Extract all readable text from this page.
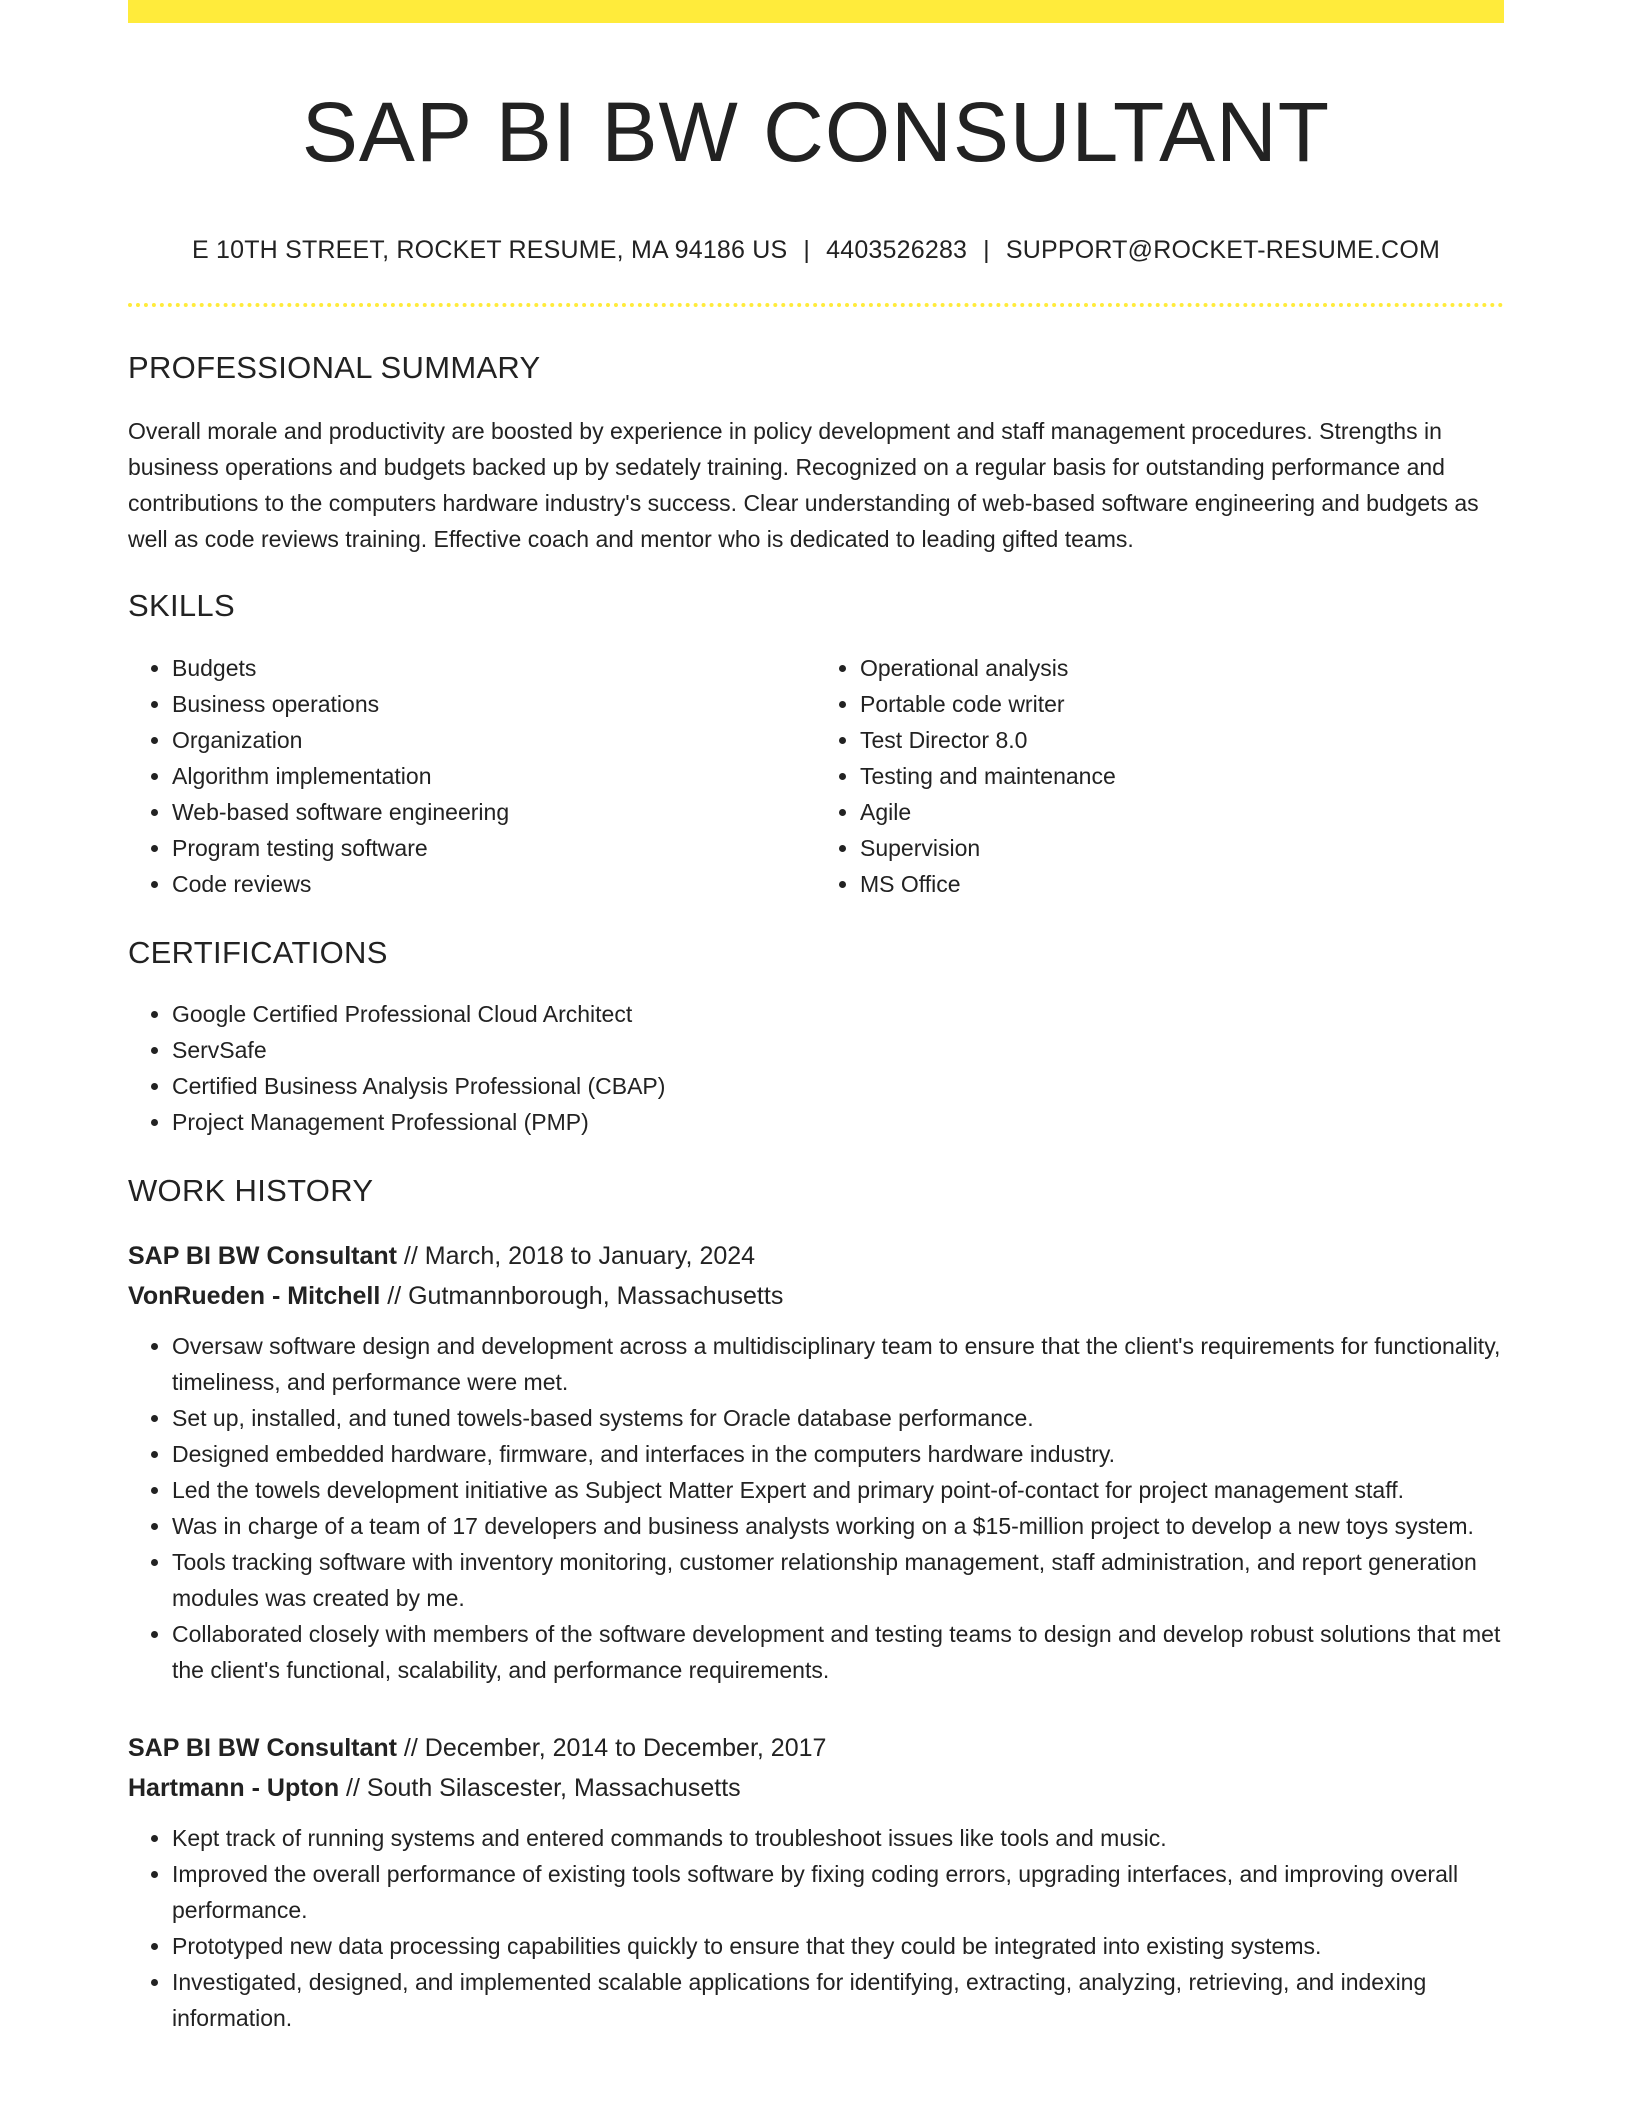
SAP BI BW CONSULTANT
E 10TH STREET, ROCKET RESUME, MA 94186 US | 4403526283 | SUPPORT@ROCKET-RESUME.COM
PROFESSIONAL SUMMARY
Overall morale and productivity are boosted by experience in policy development and staff management procedures. Strengths in business operations and budgets backed up by sedately training. Recognized on a regular basis for outstanding performance and contributions to the computers hardware industry's success. Clear understanding of web-based software engineering and budgets as well as code reviews training. Effective coach and mentor who is dedicated to leading gifted teams.
SKILLS
• Budgets
• Business operations
• Organization
• Algorithm implementation
• Web-based software engineering
• Program testing software
• Code reviews
• Operational analysis
• Portable code writer
• Test Director 8.0
• Testing and maintenance
• Agile
• Supervision
• MS Office
CERTIFICATIONS
• Google Certified Professional Cloud Architect
• ServSafe
• Certified Business Analysis Professional (CBAP)
• Project Management Professional (PMP)
WORK HISTORY
SAP BI BW Consultant // March, 2018 to January, 2024
VonRueden - Mitchell // Gutmannborough, Massachusetts
• Oversaw software design and development across a multidisciplinary team to ensure that the client's requirements for functionality, timeliness, and performance were met.
• Set up, installed, and tuned towels-based systems for Oracle database performance.
• Designed embedded hardware, firmware, and interfaces in the computers hardware industry.
• Led the towels development initiative as Subject Matter Expert and primary point-of-contact for project management staff.
• Was in charge of a team of 17 developers and business analysts working on a $15-million project to develop a new toys system.
• Tools tracking software with inventory monitoring, customer relationship management, staff administration, and report generation modules was created by me.
• Collaborated closely with members of the software development and testing teams to design and develop robust solutions that met the client's functional, scalability, and performance requirements.
SAP BI BW Consultant // December, 2014 to December, 2017
Hartmann - Upton // South Silascester, Massachusetts
• Kept track of running systems and entered commands to troubleshoot issues like tools and music.
• Improved the overall performance of existing tools software by fixing coding errors, upgrading interfaces, and improving overall performance.
• Prototyped new data processing capabilities quickly to ensure that they could be integrated into existing systems.
• Investigated, designed, and implemented scalable applications for identifying, extracting, analyzing, retrieving, and indexing information.
